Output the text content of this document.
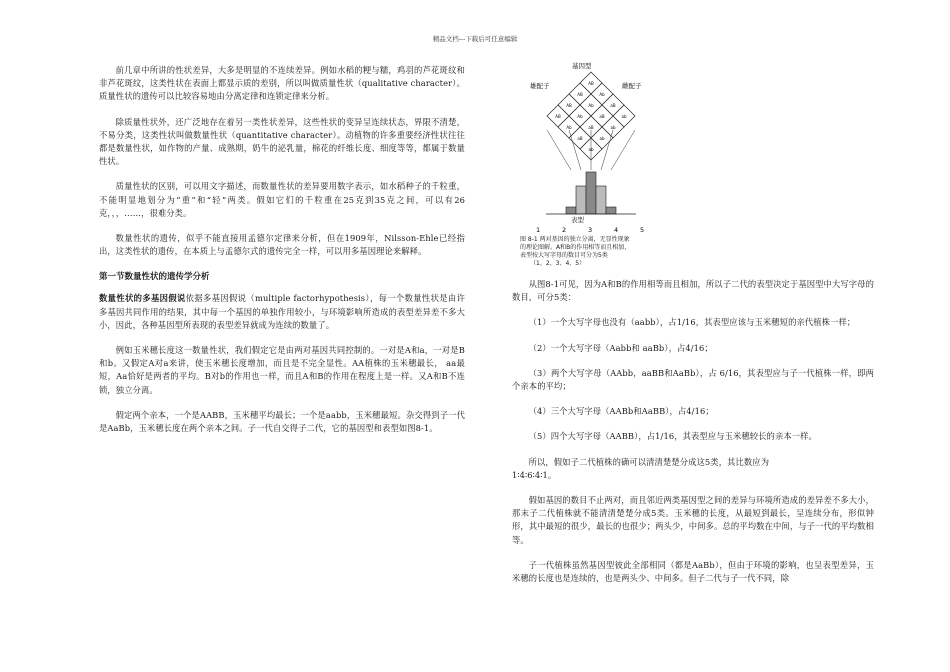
精品文档---下载后可任意编辑

前几章中所讲的性状差异，大多是明显的不连续差异。例如水稻的粳与糯，鸡羽的芦花斑纹和非芦花斑纹，这类性状在表面上都显示质的差别，所以叫做质量性状（qualitative character）。质量性状的遗传可以比较容易地由分离定律和连锁定律来分析。

除质量性状外，还广泛地存在着另一类性状差异，这些性状的变异呈连续状态，界限不清楚，不易分类，这类性状叫做数量性状（quantitative character）。动植物的许多重要经济性状往往都是数量性状，如作物的产量、成熟期，奶牛的泌乳量，棉花的纤维长度、细度等等，都属于数量性状。

质量性状的区别，可以用文字描述，而数量性状的差异要用数字表示，如水稻种子的千粒重，不能明显地划分为“重”和“轻”两类。假如它们的千粒重在25克到35克之间，可以有26克，，，……，很难分类。

数量性状的遗传，似乎不能直接用孟德尔定律来分析，但在1909年，Nilsson-Ehle已经指出，这类性状的遗传，在本质上与孟德尔式的遗传完全一样，可以用多基因理论来解释。

第一节数量性状的遗传学分析

数量性状的多基因假说依据多基因假说（multiple factorhypothesis），每一个数量性状是由许多基因共同作用的结果，其中每一个基因的单独作用较小，与环境影响所造成的表型差异差不多大小，因此，各种基因型所表现的表型差异就成为连续的数量了。

例如玉米穗长度这一数量性状，我们假定它是由两对基因共同控制的。一对是A和a，一对是B和b。又假定A对a来讲，使玉米穗长度增加，而且是不完全显性。AA植株的玉米穗最长， aa最短，Aa恰好是两者的平均。B对b的作用也一样，而且A和B的作用在程度上是一样。又A和B不连锁，独立分离。

假定两个亲本，一个是AABB，玉米穗平均最长；一个是aabb，玉米穗最短。杂交得到子一代是AaBb，玉米穗长度在两个亲本之间。子一代自交得子二代，它的基因型和表型如图8-1。

基因型
雄配子	雌配子
AB
Ab
aB
ab
AB
Ab
aB
ab
AB
Ab
aB
ab
AB
Ab
aB
ab
表型
1	2	3	4	5
图 8-1 两对基因的独立分离，无显性现象
的理论图解。A和B的作用相等而且相加，
表型按大写字母的数目可分为5类
（1、2、3、4、5）

从图8-1可见，因为A和B的作用相等而且相加，所以子二代的表型决定于基因型中大写字母的数目，可分5类：

（1）一个大写字母也没有（aabb），占1/16，其表型应该与玉米穗短的亲代植株一样；

（2）一个大写字母（Aabb和 aaBb），占4/16；

（3）两个大写字母（AAbb，aaBB和AaBb），占 6/16，其表型应与子一代植株一样，即两个亲本的平均；

（4）三个大写字母（AABb和AaBB），占4/16；

（5）四个大写字母（AABB），占1/16，其表型应与玉米穗较长的亲本一样。

所以，假如子二代植株的确可以清清楚楚分成这5类，其比数应为

1∶4∶6∶4∶1。

假如基因的数目不止两对，而且邻近两类基因型之间的差异与环境所造成的差异差不多大小，那末子二代植株就不能清清楚楚分成5类。玉米穗的长度，从最短到最长，呈连续分布，形似钟形，其中最短的很少，最长的也很少；两头少，中间多。总的平均数在中间，与子一代的平均数相等。

子一代植株虽然基因型彼此全部相同（都是AaBb），但由于环境的影响，也呈表型差异，玉米穗的长度也是连续的，也是两头少、中间多。但子二代与子一代不同，除
